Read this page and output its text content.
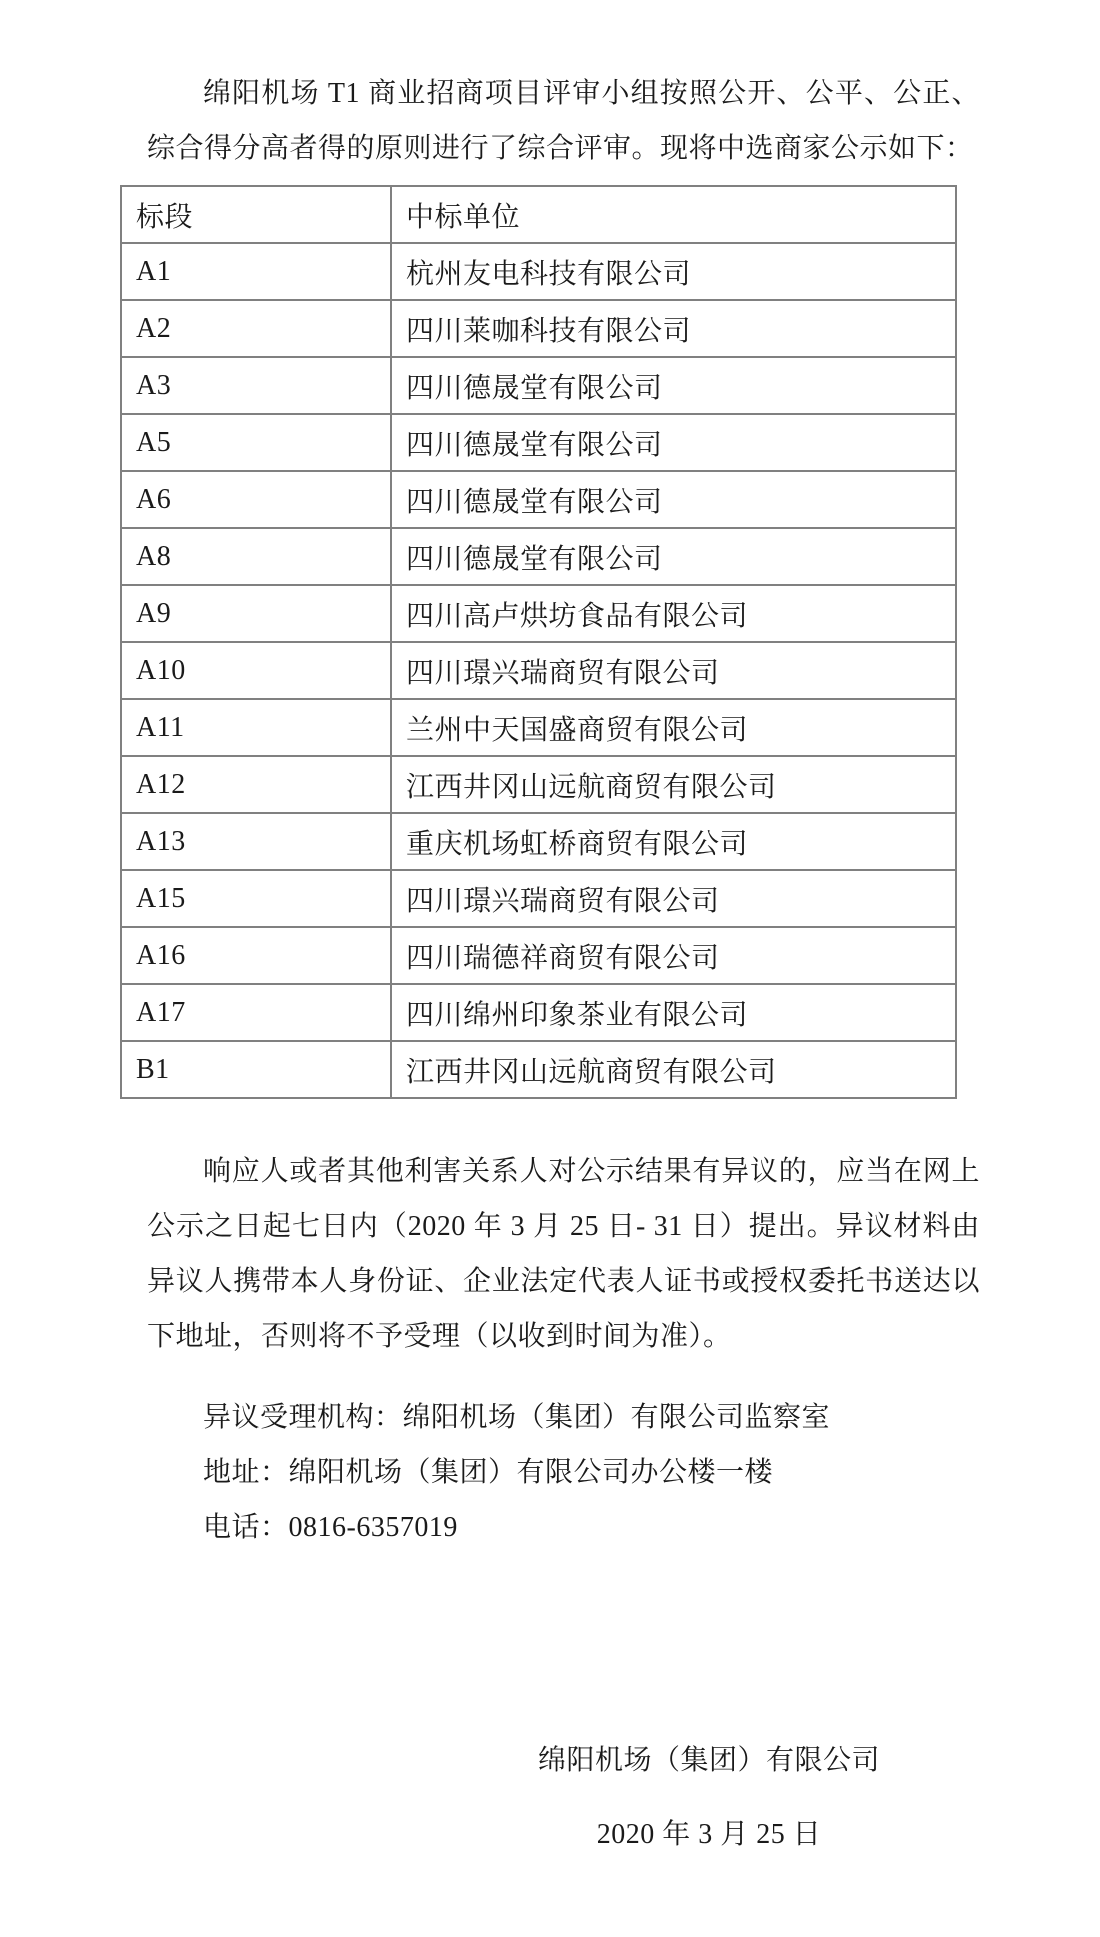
绵阳机场 T1 商业招商项目评审小组按照公开、公平、公正、综合得分高者得的原则进行了综合评审。现将中选商家公示如下：

标段	中标单位
A1	杭州友电科技有限公司
A2	四川莱咖科技有限公司
A3	四川德晟堂有限公司
A5	四川德晟堂有限公司
A6	四川德晟堂有限公司
A8	四川德晟堂有限公司
A9	四川高卢烘坊食品有限公司
A10	四川璟兴瑞商贸有限公司
A11	兰州中天国盛商贸有限公司
A12	江西井冈山远航商贸有限公司
A13	重庆机场虹桥商贸有限公司
A15	四川璟兴瑞商贸有限公司
A16	四川瑞德祥商贸有限公司
A17	四川绵州印象茶业有限公司
B1	江西井冈山远航商贸有限公司

响应人或者其他利害关系人对公示结果有异议的，应当在网上公示之日起七日内（2020 年 3 月 25 日- 31 日）提出。异议材料由异议人携带本人身份证、企业法定代表人证书或授权委托书送达以下地址，否则将不予受理（以收到时间为准）。

异议受理机构：绵阳机场（集团）有限公司监察室

地址：绵阳机场（集团）有限公司办公楼一楼

电话：0816-6357019

绵阳机场（集团）有限公司

2020 年 3 月 25 日
